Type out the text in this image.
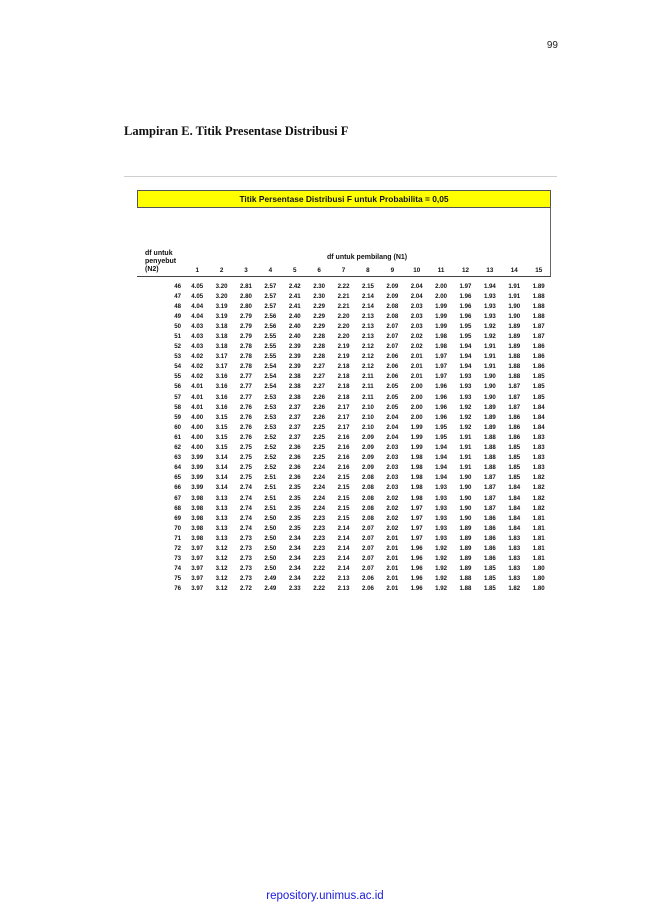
99
Lampiran E. Titik Presentase Distribusi F
Titik Persentase Distribusi F untuk Probabilita = 0,05
df untuk
penyebut
(N2)
df untuk pembilang (N1)
	1	2	3	4	5	6	7	8	9	10	11	12	13	14	15
46	4.05	3.20	2.81	2.57	2.42	2.30	2.22	2.15	2.09	2.04	2.00	1.97	1.94	1.91	1.89
47	4.05	3.20	2.80	2.57	2.41	2.30	2.21	2.14	2.09	2.04	2.00	1.96	1.93	1.91	1.88
48	4.04	3.19	2.80	2.57	2.41	2.29	2.21	2.14	2.08	2.03	1.99	1.96	1.93	1.90	1.88
49	4.04	3.19	2.79	2.56	2.40	2.29	2.20	2.13	2.08	2.03	1.99	1.96	1.93	1.90	1.88
50	4.03	3.18	2.79	2.56	2.40	2.29	2.20	2.13	2.07	2.03	1.99	1.95	1.92	1.89	1.87
51	4.03	3.18	2.79	2.55	2.40	2.28	2.20	2.13	2.07	2.02	1.98	1.95	1.92	1.89	1.87
52	4.03	3.18	2.78	2.55	2.39	2.28	2.19	2.12	2.07	2.02	1.98	1.94	1.91	1.89	1.86
53	4.02	3.17	2.78	2.55	2.39	2.28	2.19	2.12	2.06	2.01	1.97	1.94	1.91	1.88	1.86
54	4.02	3.17	2.78	2.54	2.39	2.27	2.18	2.12	2.06	2.01	1.97	1.94	1.91	1.88	1.86
55	4.02	3.16	2.77	2.54	2.38	2.27	2.18	2.11	2.06	2.01	1.97	1.93	1.90	1.88	1.85
56	4.01	3.16	2.77	2.54	2.38	2.27	2.18	2.11	2.05	2.00	1.96	1.93	1.90	1.87	1.85
57	4.01	3.16	2.77	2.53	2.38	2.26	2.18	2.11	2.05	2.00	1.96	1.93	1.90	1.87	1.85
58	4.01	3.16	2.76	2.53	2.37	2.26	2.17	2.10	2.05	2.00	1.96	1.92	1.89	1.87	1.84
59	4.00	3.15	2.76	2.53	2.37	2.26	2.17	2.10	2.04	2.00	1.96	1.92	1.89	1.86	1.84
60	4.00	3.15	2.76	2.53	2.37	2.25	2.17	2.10	2.04	1.99	1.95	1.92	1.89	1.86	1.84
61	4.00	3.15	2.76	2.52	2.37	2.25	2.16	2.09	2.04	1.99	1.95	1.91	1.88	1.86	1.83
62	4.00	3.15	2.75	2.52	2.36	2.25	2.16	2.09	2.03	1.99	1.94	1.91	1.88	1.85	1.83
63	3.99	3.14	2.75	2.52	2.36	2.25	2.16	2.09	2.03	1.98	1.94	1.91	1.88	1.85	1.83
64	3.99	3.14	2.75	2.52	2.36	2.24	2.16	2.09	2.03	1.98	1.94	1.91	1.88	1.85	1.83
65	3.99	3.14	2.75	2.51	2.36	2.24	2.15	2.08	2.03	1.98	1.94	1.90	1.87	1.85	1.82
66	3.99	3.14	2.74	2.51	2.35	2.24	2.15	2.08	2.03	1.98	1.93	1.90	1.87	1.84	1.82
67	3.98	3.13	2.74	2.51	2.35	2.24	2.15	2.08	2.02	1.98	1.93	1.90	1.87	1.84	1.82
68	3.98	3.13	2.74	2.51	2.35	2.24	2.15	2.08	2.02	1.97	1.93	1.90	1.87	1.84	1.82
69	3.98	3.13	2.74	2.50	2.35	2.23	2.15	2.08	2.02	1.97	1.93	1.90	1.86	1.84	1.81
70	3.98	3.13	2.74	2.50	2.35	2.23	2.14	2.07	2.02	1.97	1.93	1.89	1.86	1.84	1.81
71	3.98	3.13	2.73	2.50	2.34	2.23	2.14	2.07	2.01	1.97	1.93	1.89	1.86	1.83	1.81
72	3.97	3.12	2.73	2.50	2.34	2.23	2.14	2.07	2.01	1.96	1.92	1.89	1.86	1.83	1.81
73	3.97	3.12	2.73	2.50	2.34	2.23	2.14	2.07	2.01	1.96	1.92	1.89	1.86	1.83	1.81
74	3.97	3.12	2.73	2.50	2.34	2.22	2.14	2.07	2.01	1.96	1.92	1.89	1.85	1.83	1.80
75	3.97	3.12	2.73	2.49	2.34	2.22	2.13	2.06	2.01	1.96	1.92	1.88	1.85	1.83	1.80
76	3.97	3.12	2.72	2.49	2.33	2.22	2.13	2.06	2.01	1.96	1.92	1.88	1.85	1.82	1.80
repository.unimus.ac.id
